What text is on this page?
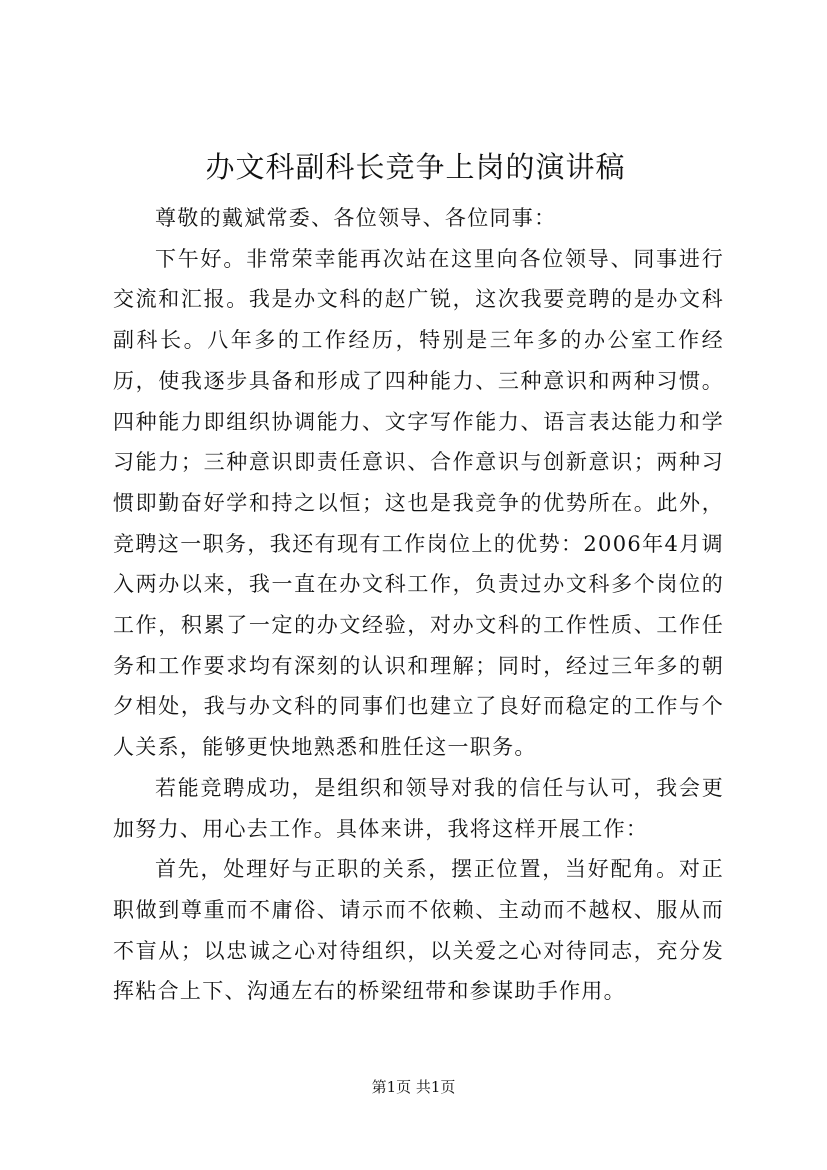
办文科副科长竞争上岗的演讲稿

尊敬的戴斌常委、各位领导、各位同事：

下午好。非常荣幸能再次站在这里向各位领导、同事进行交流和汇报。我是办文科的赵广锐，这次我要竞聘的是办文科副科长。八年多的工作经历，特别是三年多的办公室工作经历，使我逐步具备和形成了四种能力、三种意识和两种习惯。四种能力即组织协调能力、文字写作能力、语言表达能力和学习能力；三种意识即责任意识、合作意识与创新意识；两种习惯即勤奋好学和持之以恒；这也是我竞争的优势所在。此外，竞聘这一职务，我还有现有工作岗位上的优势：2006年4月调入两办以来，我一直在办文科工作，负责过办文科多个岗位的工作，积累了一定的办文经验，对办文科的工作性质、工作任务和工作要求均有深刻的认识和理解；同时，经过三年多的朝夕相处，我与办文科的同事们也建立了良好而稳定的工作与个人关系，能够更快地熟悉和胜任这一职务。

若能竞聘成功，是组织和领导对我的信任与认可，我会更加努力、用心去工作。具体来讲，我将这样开展工作：

首先，处理好与正职的关系，摆正位置，当好配角。对正职做到尊重而不庸俗、请示而不依赖、主动而不越权、服从而不盲从；以忠诚之心对待组织，以关爱之心对待同志，充分发挥粘合上下、沟通左右的桥梁纽带和参谋助手作用。

第1页 共1页
